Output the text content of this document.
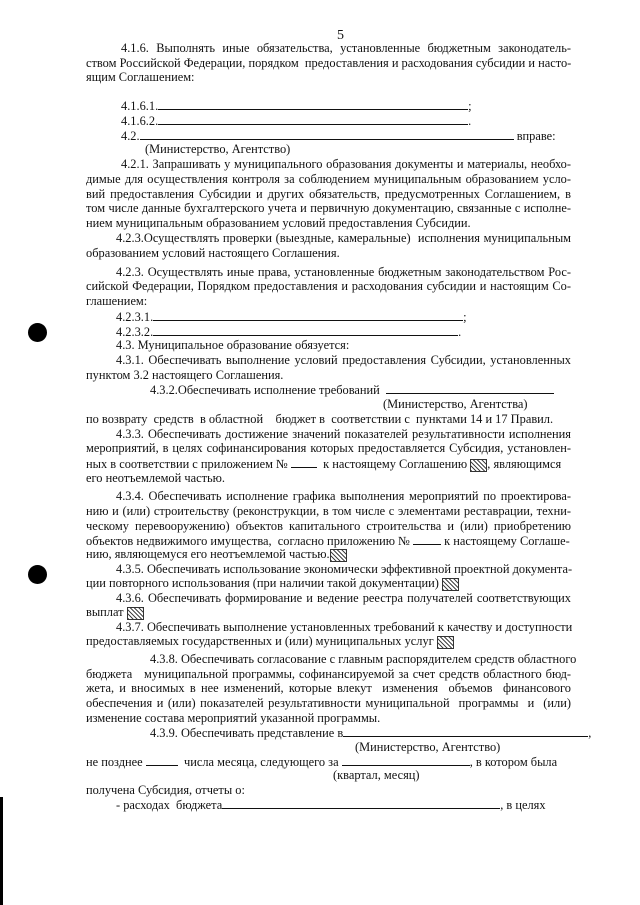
5
4.1.6. Выполнять иные обязательства, установленные бюджетным законодатель-
ством Российской Федерации, порядком  предоставления и расходования субсидии и насто-
ящим Соглашением:
4.1.6.1.	;
4.1.6.2.	.
4.2.	вправе:
(Министерство, Агентство)
4.2.1. Запрашивать у муниципального образования документы и материалы, необхо-
димые для осуществления контроля за соблюдением муниципальным образованием усло-
вий предоставления Субсидии и других обязательств, предусмотренных Соглашением, в
том числе данные бухгалтерского учета и первичную документацию, связанные с исполне-
нием муниципальным образованием условий предоставления Субсидии.
4.2.3.Осуществлять проверки (выездные, камеральные)  исполнения муниципальным
образованием условий настоящего Соглашения.
4.2.3. Осуществлять иные права, установленные бюджетным законодательством Рос-
сийской Федерации, Порядком предоставления и расходования субсидии и настоящим Со-
глашением:
4.2.3.1.	;
4.2.3.2.	.
4.3. Муниципальное образование обязуется:
4.3.1. Обеспечивать выполнение условий предоставления Субсидии, установленных
пунктом 3.2 настоящего Соглашения.
4.3.2.Обеспечивать исполнение требований
(Министерство, Агентства)
по возврату  средств  в областной    бюджет в  соответствии с  пунктами 14 и 17 Правил.
4.3.3. Обеспечивать достижение значений показателей результативности исполнения
мероприятий, в целях софинансирования которых предоставляется Субсидия, установлен-
ных в соответствии с приложением №	к настоящему Соглашению , являющимся
его неотъемлемой частью.
4.3.4. Обеспечивать исполнение графика выполнения мероприятий по проектирова-
нию и (или) строительству (реконструкции, в том числе с элементами реставрации, техни-
ческому перевооружению) объектов капитального строительства и (или) приобретению
объектов недвижимого имущества,  согласно приложению №	к настоящему Соглаше-
нию, являющемуся его неотъемлемой частью.
4.3.5. Обеспечивать использование экономически эффективной проектной документа-
ции повторного использования (при наличии такой документации)
4.3.6. Обеспечивать формирование и ведение реестра получателей соответствующих
выплат
4.3.7. Обеспечивать выполнение установленных требований к качеству и доступности
предоставляемых государственных и (или) муниципальных услуг
4.3.8. Обеспечивать согласование с главным распорядителем средств областного
бюджета   муниципальной программы, софинансируемой за счет средств областного бюд-
жета, и вносимых в нее изменений, которые влекут  изменения  объемов  финансового
обеспечения и (или) показателей результативности муниципальной  программы  и  (или)
изменение состава мероприятий указанной программы.
4.3.9. Обеспечивать представление в	,
(Министерство, Агентство)
не позднее	числа месяца, следующего за	, в котором была
(квартал, месяц)
получена Субсидия, отчеты о:
- расходах  бюджета	, в целях
